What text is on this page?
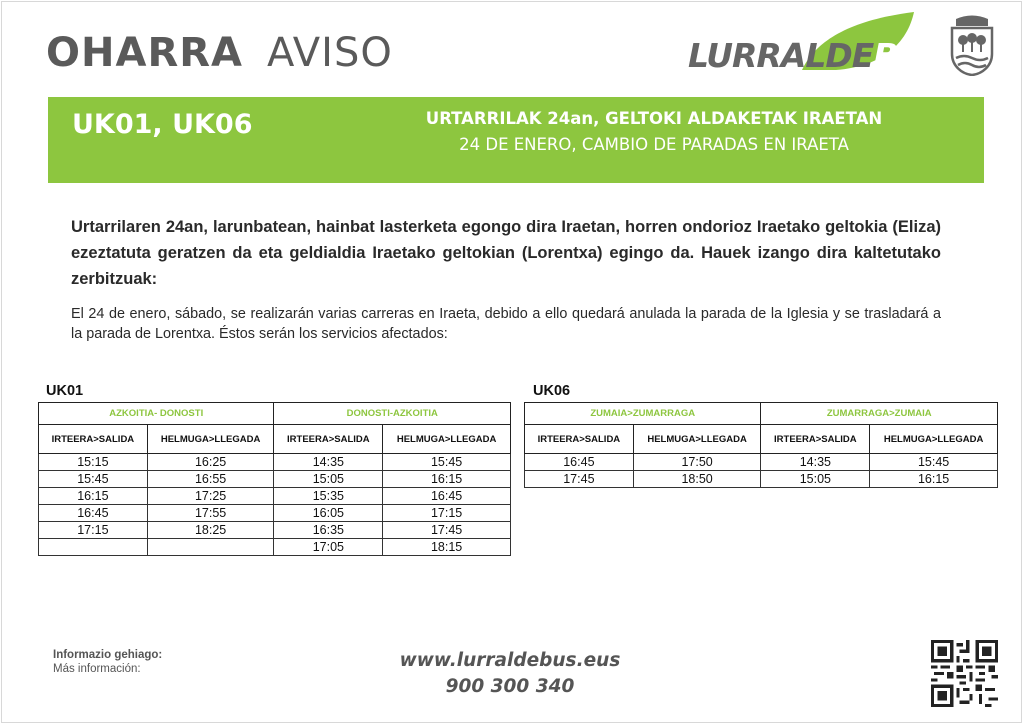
OHARRA AVISO	LURRALDEBUS
UK01, UK06	URTARRILAK 24an, GELTOKI ALDAKETAK IRAETAN
24 DE ENERO, CAMBIO DE PARADAS EN IRAETA
Urtarrilaren 24an, larunbatean, hainbat lasterketa egongo dira Iraetan, horren ondorioz Iraetako geltokia (Eliza) ezeztatuta geratzen da eta geldialdia Iraetako geltokian (Lorentxa) egingo da. Hauek izango dira kaltetutako zerbitzuak:
El 24 de enero, sábado, se realizarán varias carreras en Iraeta, debido a ello quedará anulada la parada de la Iglesia y se trasladará a la parada de Lorentxa. Éstos serán los servicios afectados:
UK01
AZKOITIA- DONOSTI		DONOSTI-AZKOITIA	
IRTEERA>SALIDA	HELMUGA>LLEGADA	IRTEERA>SALIDA	HELMUGA>LLEGADA
15:15	16:25	14:35	15:45
15:45	16:55	15:05	16:15
16:15	17:25	15:35	16:45
16:45	17:55	16:05	17:15
17:15	18:25	16:35	17:45
		17:05	18:15
UK06
ZUMAIA>ZUMARRAGA		ZUMARRAGA>ZUMAIA	
IRTEERA>SALIDA	HELMUGA>LLEGADA	IRTEERA>SALIDA	HELMUGA>LLEGADA
16:45	17:50	14:35	15:45
17:45	18:50	15:05	16:15
Informazio gehiago:
Más información:	www.lurraldebus.eus
900 300 340
